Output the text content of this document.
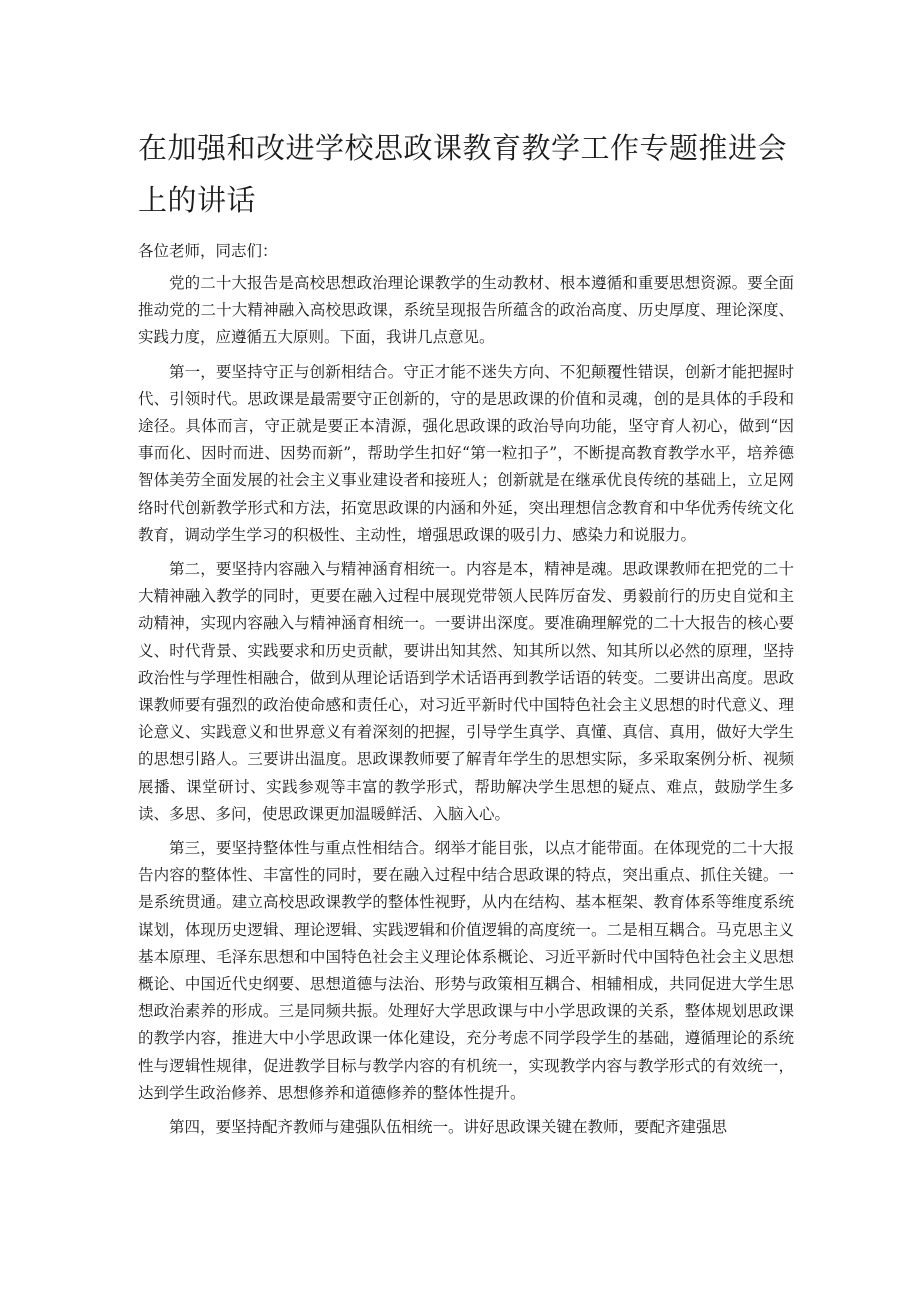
在加强和改进学校思政课教育教学工作专题推进会上的讲话

各位老师，同志们：

党的二十大报告是高校思想政治理论课教学的生动教材、根本遵循和重要思想资源。要全面推动党的二十大精神融入高校思政课，系统呈现报告所蕴含的政治高度、历史厚度、理论深度、实践力度，应遵循五大原则。下面，我讲几点意见。

第一，要坚持守正与创新相结合。守正才能不迷失方向、不犯颠覆性错误，创新才能把握时代、引领时代。思政课是最需要守正创新的，守的是思政课的价值和灵魂，创的是具体的手段和途径。具体而言，守正就是要正本清源，强化思政课的政治导向功能，坚守育人初心，做到“因事而化、因时而进、因势而新”，帮助学生扣好“第一粒扣子”，不断提高教育教学水平，培养德智体美劳全面发展的社会主义事业建设者和接班人；创新就是在继承优良传统的基础上，立足网络时代创新教学形式和方法，拓宽思政课的内涵和外延，突出理想信念教育和中华优秀传统文化教育，调动学生学习的积极性、主动性，增强思政课的吸引力、感染力和说服力。

第二，要坚持内容融入与精神涵育相统一。内容是本，精神是魂。思政课教师在把党的二十大精神融入教学的同时，更要在融入过程中展现党带领人民阵厉奋发、勇毅前行的历史自觉和主动精神，实现内容融入与精神涵育相统一。一要讲出深度。要准确理解党的二十大报告的核心要义、时代背景、实践要求和历史贡献，要讲出知其然、知其所以然、知其所以必然的原理，坚持政治性与学理性相融合，做到从理论话语到学术话语再到教学话语的转变。二要讲出高度。思政课教师要有强烈的政治使命感和责任心，对习近平新时代中国特色社会主义思想的时代意义、理论意义、实践意义和世界意义有着深刻的把握，引导学生真学、真懂、真信、真用，做好大学生的思想引路人。三要讲出温度。思政课教师要了解青年学生的思想实际，多采取案例分析、视频展播、课堂研讨、实践参观等丰富的教学形式，帮助解决学生思想的疑点、难点，鼓励学生多读、多思、多问，使思政课更加温暖鲜活、入脑入心。

第三，要坚持整体性与重点性相结合。纲举才能目张，以点才能带面。在体现党的二十大报告内容的整体性、丰富性的同时，要在融入过程中结合思政课的特点，突出重点、抓住关键。一是系统贯通。建立高校思政课教学的整体性视野，从内在结构、基本框架、教育体系等维度系统谋划，体现历史逻辑、理论逻辑、实践逻辑和价值逻辑的高度统一。二是相互耦合。马克思主义基本原理、毛泽东思想和中国特色社会主义理论体系概论、习近平新时代中国特色社会主义思想概论、中国近代史纲要、思想道德与法治、形势与政策相互耦合、相辅相成，共同促进大学生思想政治素养的形成。三是同频共振。处理好大学思政课与中小学思政课的关系，整体规划思政课的教学内容，推进大中小学思政课一体化建设，充分考虑不同学段学生的基础，遵循理论的系统性与逻辑性规律，促进教学目标与教学内容的有机统一，实现教学内容与教学形式的有效统一，达到学生政治修养、思想修养和道德修养的整体性提升。

第四，要坚持配齐教师与建强队伍相统一。讲好思政课关键在教师，要配齐建强思
